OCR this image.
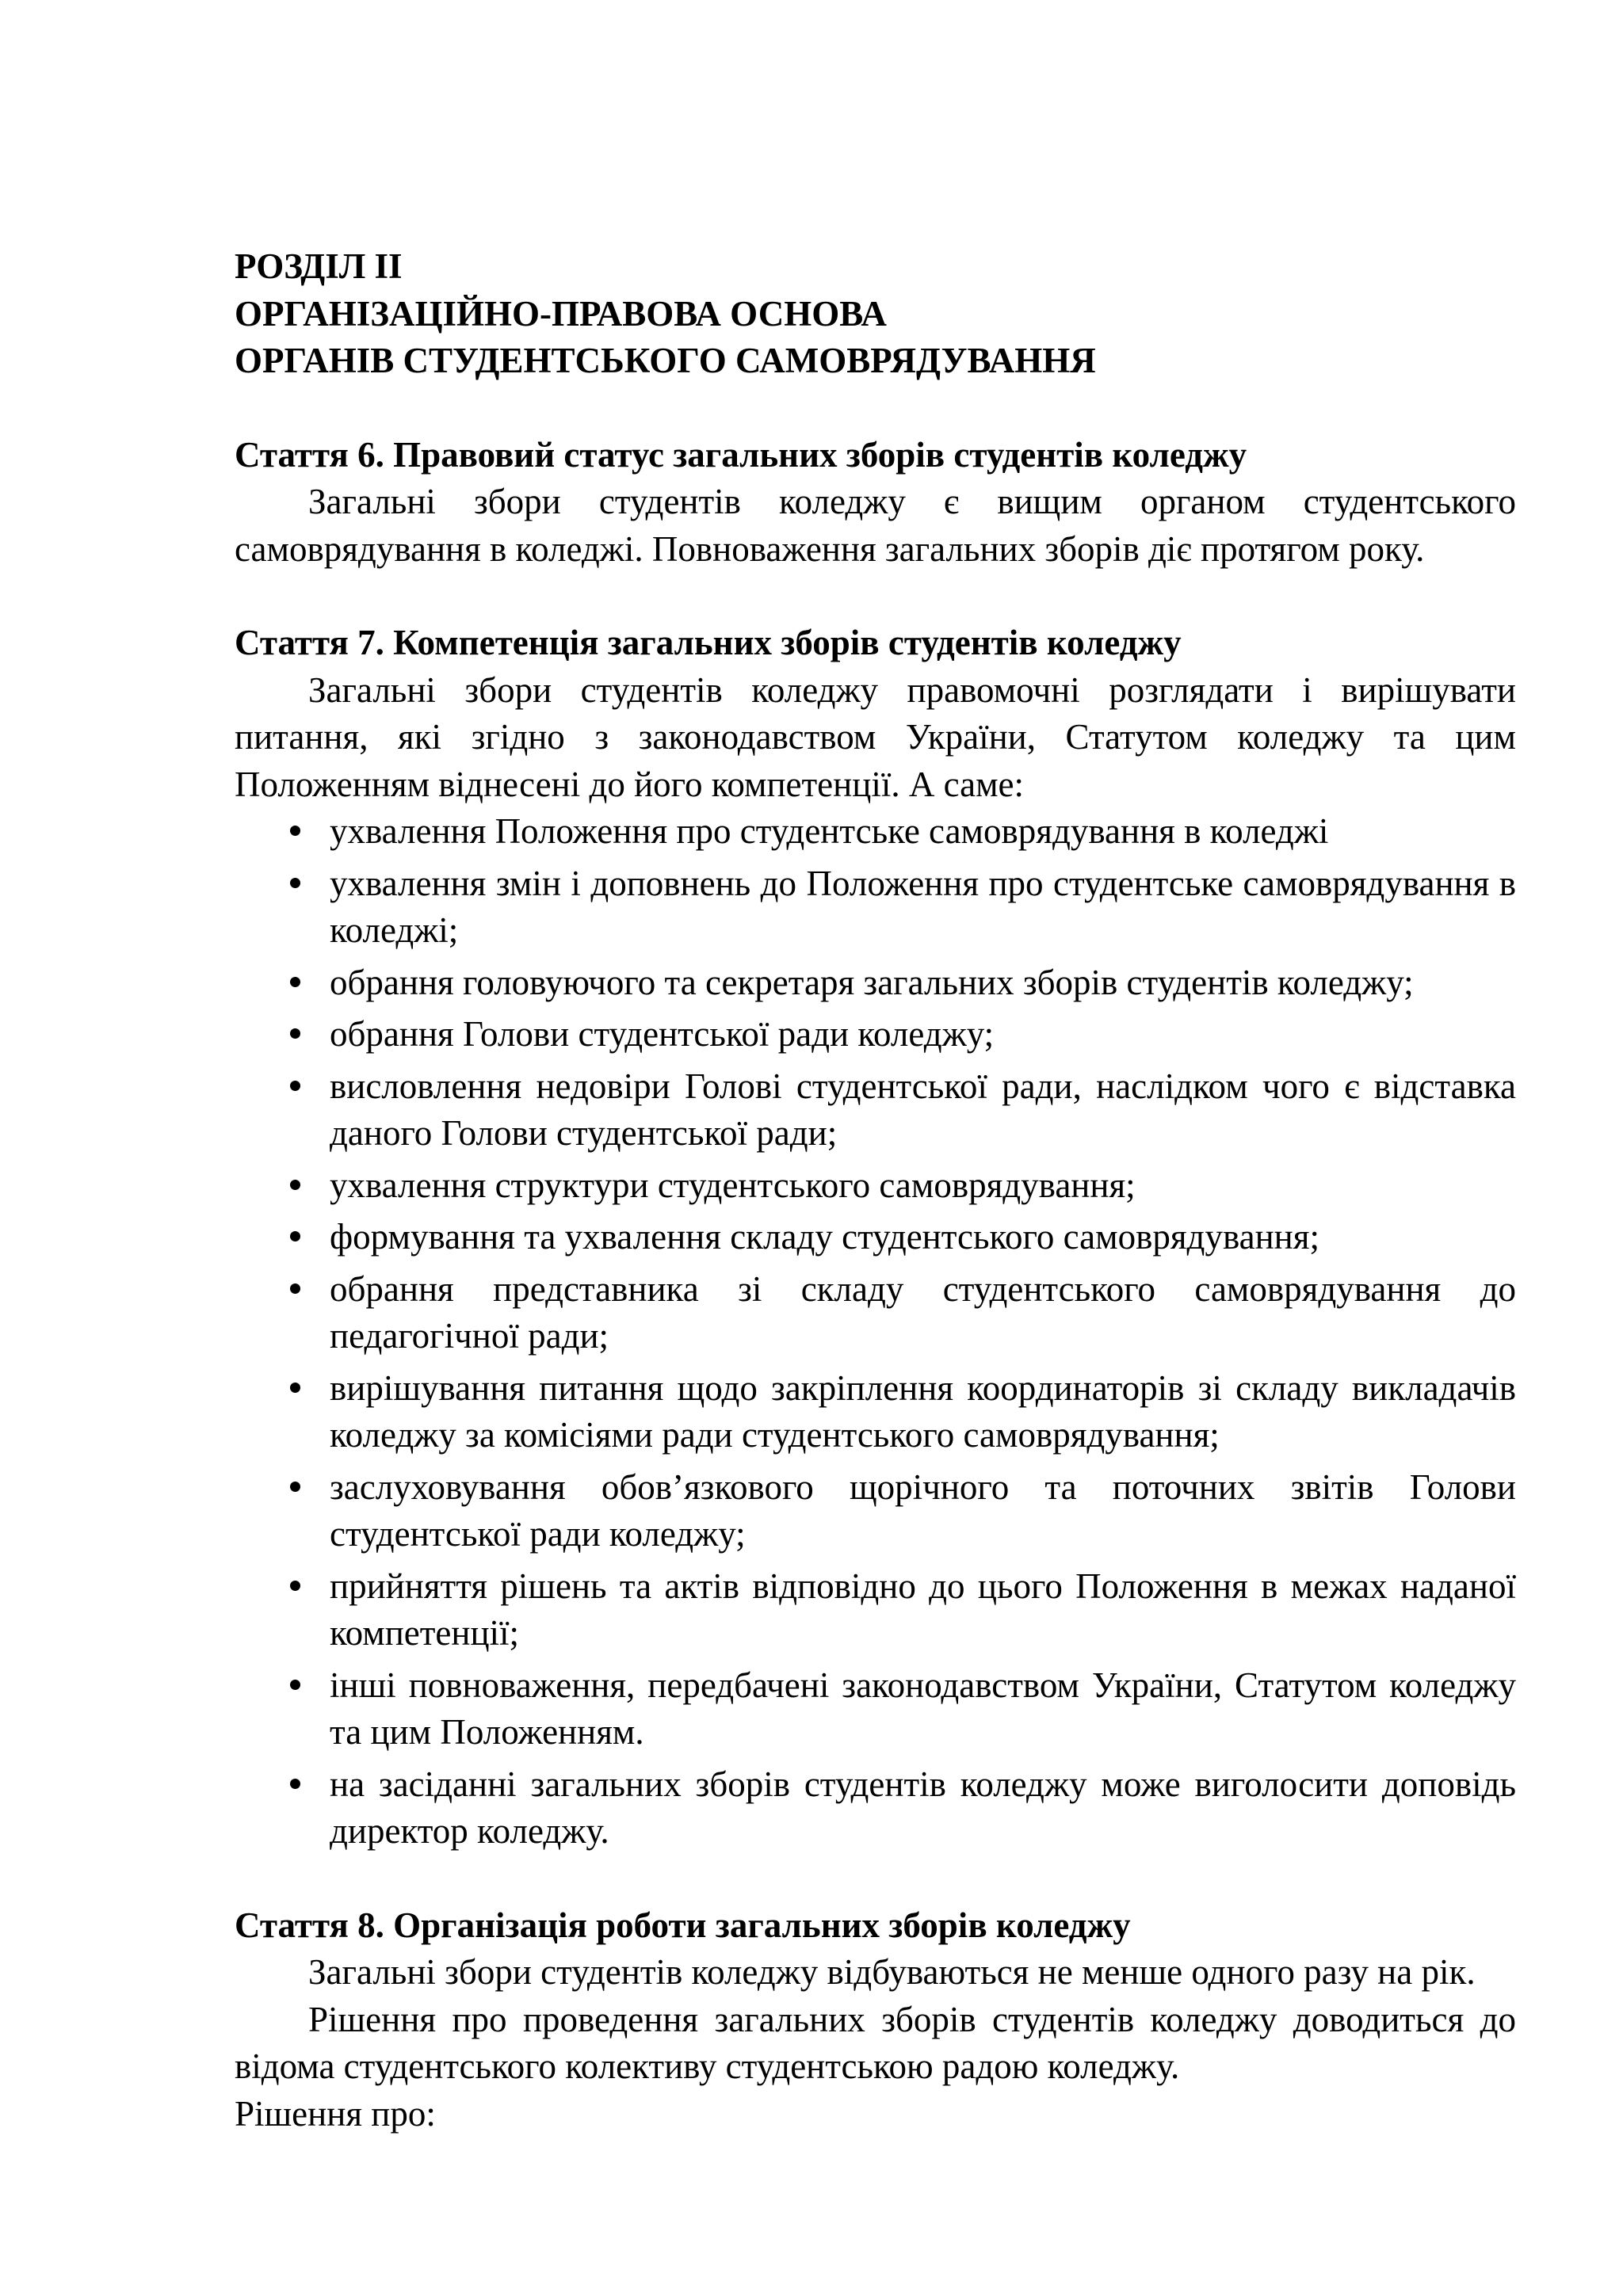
РОЗДІЛ II
ОРГАНІЗАЦІЙНО-ПРАВОВА ОСНОВА
ОРГАНІВ СТУДЕНТСЬКОГО САМОВРЯДУВАННЯ
Стаття 6. Правовий статус загальних зборів студентів коледжу

Загальні збори студентів коледжу є вищим органом студентського самоврядування в коледжі. Повноваження загальних зборів діє протягом року.

Стаття 7. Компетенція загальних зборів студентів коледжу

Загальні збори студентів коледжу правомочні розглядати і вирішувати питання, які згідно з законодавством України, Статутом коледжу та цим Положенням віднесені до його компетенції. А саме:

ухвалення Положення про студентське самоврядування в коледжі
ухвалення змін і доповнень до Положення про студентське самоврядування в коледжі;
обрання головуючого та секретаря загальних зборів студентів коледжу;
обрання Голови студентської ради коледжу;
висловлення недовіри Голові студентської ради, наслідком чого є відставка даного Голови студентської ради;
ухвалення структури студентського самоврядування;
формування та ухвалення складу студентського самоврядування;
обрання представника зі складу студентського самоврядування до педагогічної ради;
вирішування питання щодо закріплення координаторів зі складу викладачів коледжу за комісіями ради студентського самоврядування;
заслуховування обов’язкового щорічного та поточних звітів Голови студентської ради коледжу;
прийняття рішень та актів відповідно до цього Положення в межах наданої компетенції;
інші повноваження, передбачені законодавством України, Статутом коледжу та цим Положенням.
на засіданні загальних зборів студентів коледжу може виголосити доповідь директор коледжу.
Стаття 8. Організація роботи загальних зборів коледжу

Загальні збори студентів коледжу відбуваються не менше одного разу на рік.

Рішення про проведення загальних зборів студентів коледжу доводиться до відома студентського колективу студентською радою коледжу.

Рішення про:
